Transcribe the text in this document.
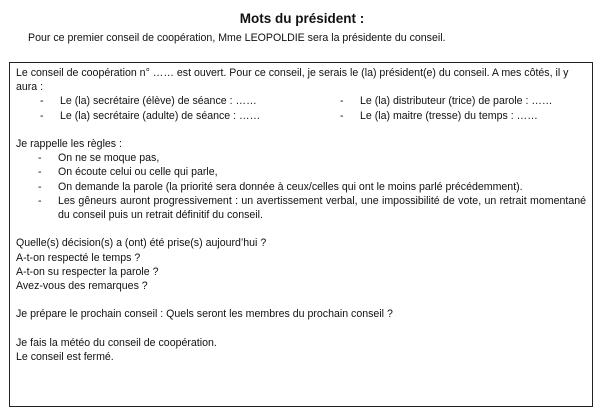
Mots du président :
Pour ce premier conseil de coopération, Mme LEOPOLDIE sera la présidente du conseil.

Le conseil de coopération n° …… est ouvert. Pour ce conseil, je serais le (la) président(e) du conseil. A mes côtés, il y aura :

-	Le (la) secrétaire (élève) de séance : ……	-	Le (la) distributeur (trice) de parole : ……
-	Le (la) secrétaire (adulte) de séance : ……	-	Le (la) maitre (tresse) du temps : ……

Je rappelle les règles :

-	On ne se moque pas,
-	On écoute celui ou celle qui parle,
-	On demande la parole (la priorité sera donnée à ceux/celles qui ont le moins parlé précédemment).
-	Les gêneurs auront progressivement : un avertissement verbal, une impossibilité de vote, un retrait momentané du conseil puis un retrait définitif du conseil.

Quelle(s) décision(s) a (ont) été prise(s) aujourd’hui ?

A-t-on respecté le temps ?

A-t-on su respecter la parole ?

Avez-vous des remarques ?

Je prépare le prochain conseil : Quels seront les membres du prochain conseil ?

Je fais la météo du conseil de coopération.

Le conseil est fermé.
